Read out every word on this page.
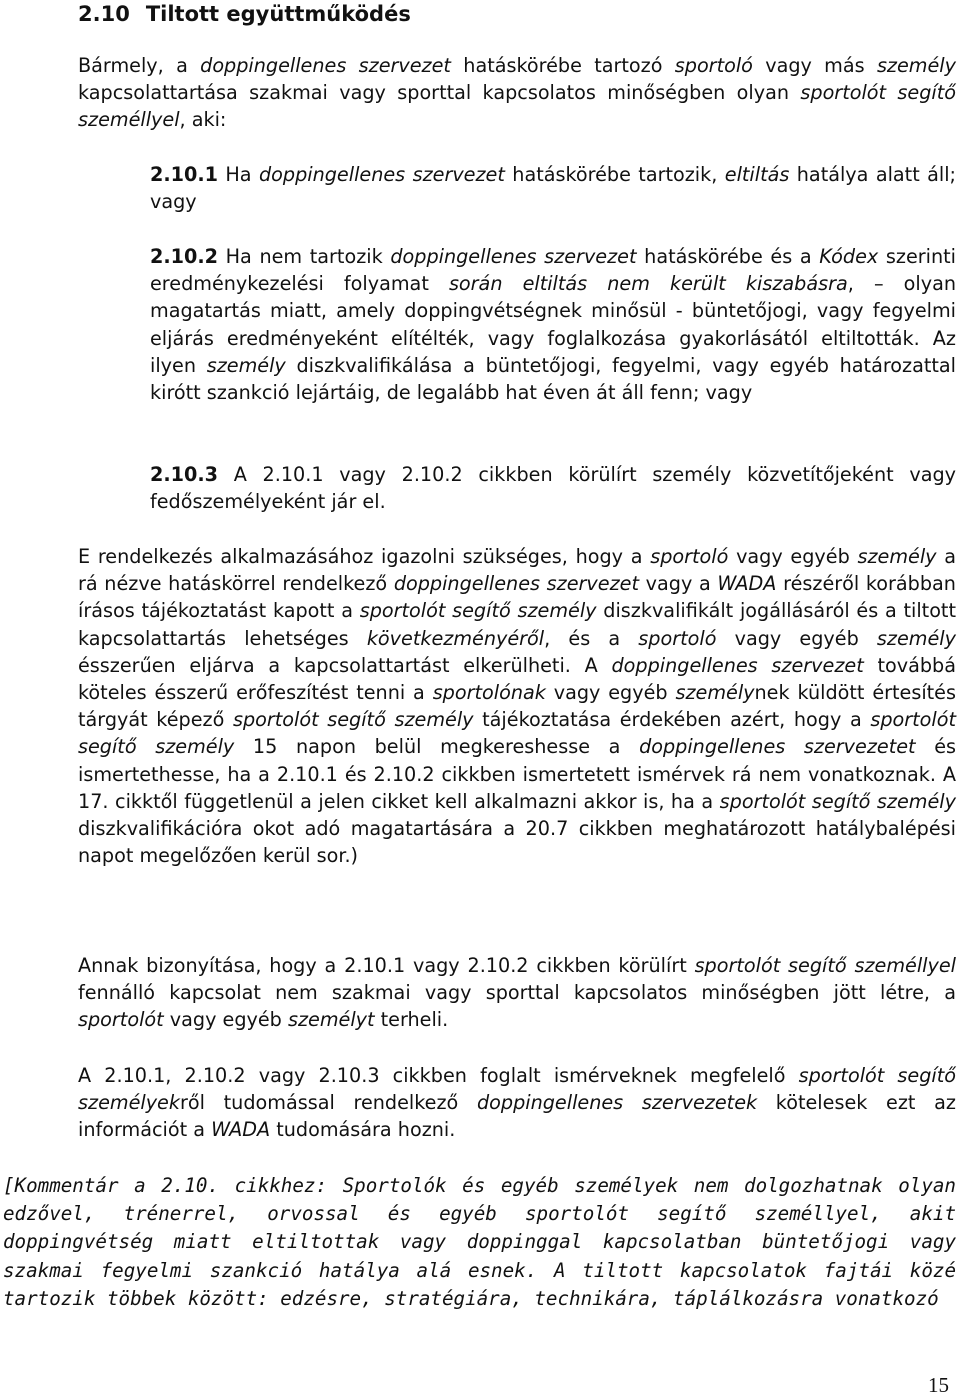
2.10 Tiltott együttműködés

Bármely, a doppingellenes szervezet hatáskörébe tartozó sportoló vagy más személy kapcsolattartása szakmai vagy sporttal kapcsolatos minőségben olyan sportolót segítő személlyel, aki:

2.10.1 Ha doppingellenes szervezet hatáskörébe tartozik, eltiltás hatálya alatt áll; vagy

2.10.2 Ha nem tartozik doppingellenes szervezet hatáskörébe és a Kódex szerinti eredménykezelési folyamat során eltiltás nem került kiszabásra, – olyan magatartás miatt, amely doppingvétségnek minősül - büntetőjogi, vagy fegyelmi eljárás eredményeként elítélték, vagy foglalkozása gyakorlásától eltiltották. Az ilyen személy diszkvalifikálása a büntetőjogi, fegyelmi, vagy egyéb határozattal kirótt szankció lejártáig, de legalább hat éven át áll fenn; vagy

2.10.3 A 2.10.1 vagy 2.10.2 cikkben körülírt személy közvetítőjeként vagy fedőszemélyeként jár el.

E rendelkezés alkalmazásához igazolni szükséges, hogy a sportoló vagy egyéb személy a rá nézve hatáskörrel rendelkező doppingellenes szervezet vagy a WADA részéről korábban írásos tájékoztatást kapott a sportolót segítő személy diszkvalifikált jogállásáról és a tiltott kapcsolattartás lehetséges következményéről, és a sportoló vagy egyéb személy ésszerűen eljárva a kapcsolattartást elkerülheti. A doppingellenes szervezet továbbá köteles ésszerű erőfeszítést tenni a sportolónak vagy egyéb személynek küldött értesítés tárgyát képező sportolót segítő személy tájékoztatása érdekében azért, hogy a sportolót segítő személy 15 napon belül megkereshesse a doppingellenes szervezetet és ismertethesse, ha a 2.10.1 és 2.10.2 cikkben ismertetett ismérvek rá nem vonatkoznak. A 17. cikktől függetlenül a jelen cikket kell alkalmazni akkor is, ha a sportolót segítő személy diszkvalifikációra okot adó magatartására a 20.7 cikkben meghatározott hatálybalépési napot megelőzően kerül sor.)

Annak bizonyítása, hogy a 2.10.1 vagy 2.10.2 cikkben körülírt sportolót segítő személlyel fennálló kapcsolat nem szakmai vagy sporttal kapcsolatos minőségben jött létre, a sportolót vagy egyéb személyt terheli.

A 2.10.1, 2.10.2 vagy 2.10.3 cikkben foglalt ismérveknek megfelelő sportolót segítő személyekről tudomással rendelkező doppingellenes szervezetek kötelesek ezt az információt a WADA tudomására hozni.

[Kommentár a 2.10. cikkhez: Sportolók és egyéb személyek nem dolgozhatnak olyan edzővel, trénerrel, orvossal és egyéb sportolót segítő személlyel, akit doppingvétség miatt eltiltottak vagy doppinggal kapcsolatban büntetőjogi vagy szakmai fegyelmi szankció hatálya alá esnek. A tiltott kapcsolatok fajtái közé tartozik többek között: edzésre, stratégiára, technikára, táplálkozásra vonatkozó

15
